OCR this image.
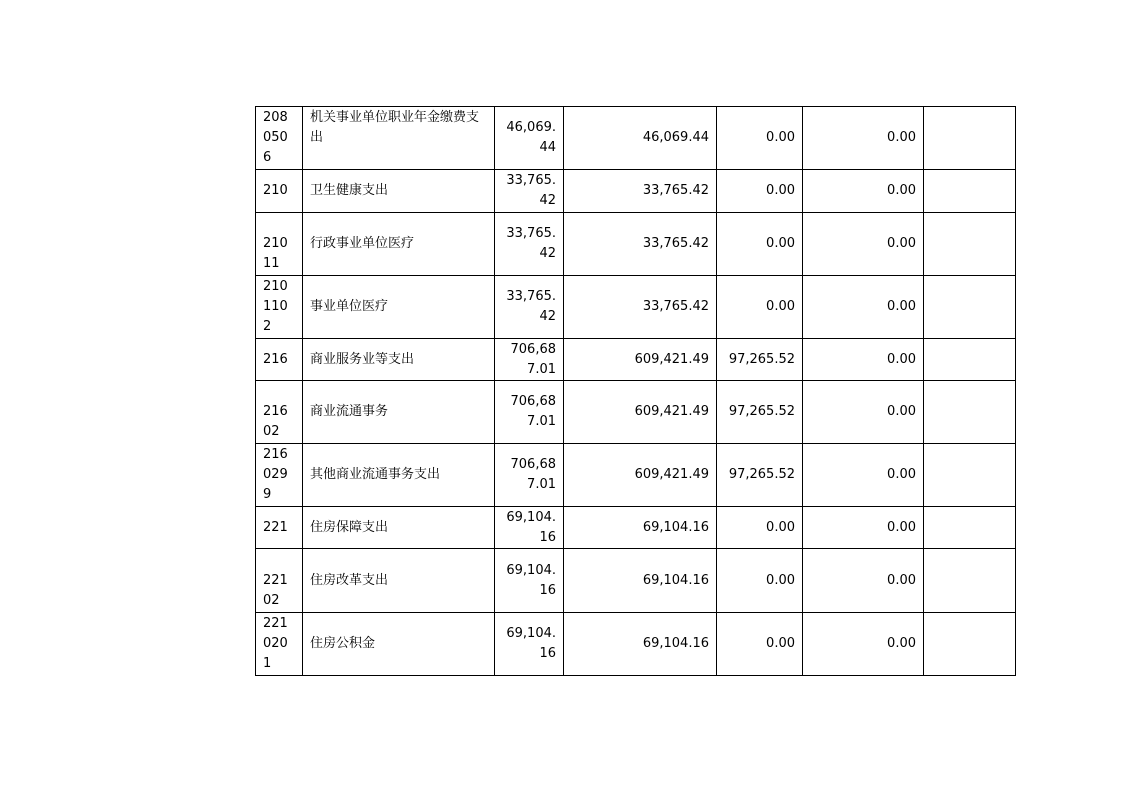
2080506	机关事业单位职业年金缴费支出	46,069.44	46,069.44	0.00	0.00	
210	卫生健康支出	33,765.42	33,765.42	0.00	0.00	
21011	行政事业单位医疗	33,765.42	33,765.42	0.00	0.00	
2101102	事业单位医疗	33,765.42	33,765.42	0.00	0.00	
216	商业服务业等支出	706,687.01	609,421.49	97,265.52	0.00	
21602	商业流通事务	706,687.01	609,421.49	97,265.52	0.00	
2160299	其他商业流通事务支出	706,687.01	609,421.49	97,265.52	0.00	
221	住房保障支出	69,104.16	69,104.16	0.00	0.00	
22102	住房改革支出	69,104.16	69,104.16	0.00	0.00	
2210201	住房公积金	69,104.16	69,104.16	0.00	0.00	
